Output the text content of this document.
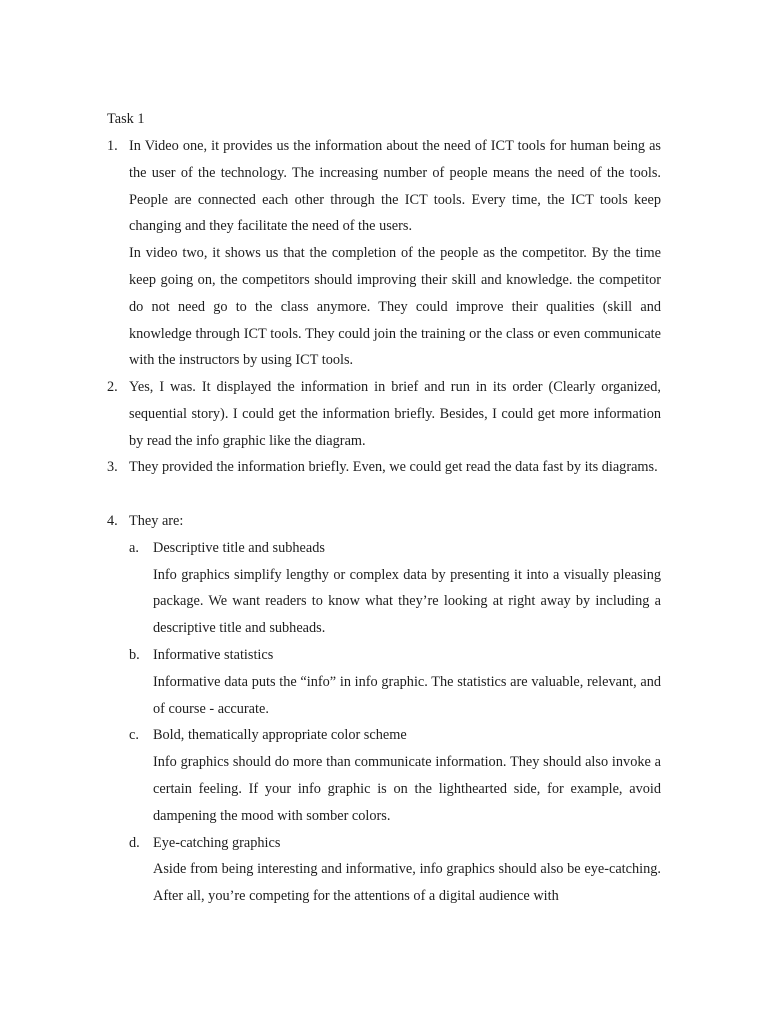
Task 1
1. In Video one, it provides us the information about the need of ICT tools for human being as the user of the technology. The increasing number of people means the need of the tools. People are connected each other through the ICT tools. Every time, the ICT tools keep changing and they facilitate the need of the users.

In video two, it shows us that the completion of the people as the competitor. By the time keep going on, the competitors should improving their skill and knowledge. the competitor do not need go to the class anymore. They could improve their qualities (skill and knowledge through ICT tools. They could join the training or the class or even communicate with the instructors by using ICT tools.

2. Yes, I was. It displayed the information in brief and run in its order (Clearly organized, sequential story). I could get the information briefly. Besides, I could get more information by read the info graphic like the diagram.

3. They provided the information briefly. Even, we could get read the data fast by its diagrams.

4. They are:

a. Descriptive title and subheads

Info graphics simplify lengthy or complex data by presenting it into a visually pleasing package. We want readers to know what they’re looking at right away by including a descriptive title and subheads.

b. Informative statistics

Informative data puts the “info” in info graphic. The statistics are valuable, relevant, and of course - accurate.

c. Bold, thematically appropriate color scheme

Info graphics should do more than communicate information. They should also invoke a certain feeling. If your info graphic is on the lighthearted side, for example, avoid dampening the mood with somber colors.

d. Eye-catching graphics

Aside from being interesting and informative, info graphics should also be eye-catching. After all, you’re competing for the attentions of a digital audience with
